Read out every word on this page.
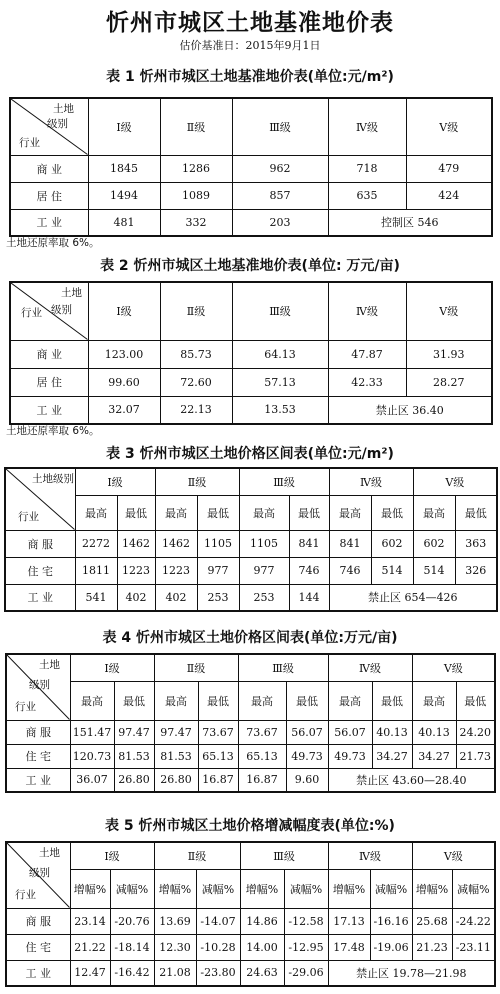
忻州市城区土地基准地价表
估价基准日：2015年9月1日
表 1 忻州市城区土地基准地价表(单位:元/m²)
土地
级别
行业	Ⅰ级	Ⅱ级	Ⅲ级	Ⅳ级	Ⅴ级
商 业	1845	1286	962	718	479
居 住	1494	1089	857	635	424
工 业	481	332	203	控制区 546	
土地还原率取 6%。
表 2 忻州市城区土地基准地价表(单位: 万元/亩)
土地
级别
行业	Ⅰ级	Ⅱ级	Ⅲ级	Ⅳ级	Ⅴ级
商 业	123.00	85.73	64.13	47.87	31.93
居 住	99.60	72.60	57.13	42.33	28.27
工 业	32.07	22.13	13.53	禁止区 36.40	
土地还原率取 6%。
表 3 忻州市城区土地价格区间表(单位:元/m²)
土地级别
行业	Ⅰ级		Ⅱ级		Ⅲ级		Ⅳ级		Ⅴ级	
	最高	最低	最高	最低	最高	最低	最高	最低	最高	最低
商 服	2272	1462	1462	1105	1105	841	841	602	602	363
住 宅	1811	1223	1223	977	977	746	746	514	514	326
工 业	541	402	402	253	253	144	禁止区 654—426			
表 4 忻州市城区土地价格区间表(单位:万元/亩)
土地
级别
行业	Ⅰ级		Ⅱ级		Ⅲ级		Ⅳ级		Ⅴ级	
	最高	最低	最高	最低	最高	最低	最高	最低	最高	最低
商 服	151.47	97.47	97.47	73.67	73.67	56.07	56.07	40.13	40.13	24.20
住 宅	120.73	81.53	81.53	65.13	65.13	49.73	49.73	34.27	34.27	21.73
工 业	36.07	26.80	26.80	16.87	16.87	9.60	禁止区 43.60—28.40			
表 5 忻州市城区土地价格增减幅度表(单位:%)
土地
级别
行业	Ⅰ级		Ⅱ级		Ⅲ级		Ⅳ级		Ⅴ级	
	增幅%	减幅%	增幅%	减幅%	增幅%	减幅%	增幅%	减幅%	增幅%	减幅%
商 服	23.14	-20.76	13.69	-14.07	14.86	-12.58	17.13	-16.16	25.68	-24.22
住 宅	21.22	-18.14	12.30	-10.28	14.00	-12.95	17.48	-19.06	21.23	-23.11
工 业	12.47	-16.42	21.08	-23.80	24.63	-29.06	禁止区 19.78—21.98			
